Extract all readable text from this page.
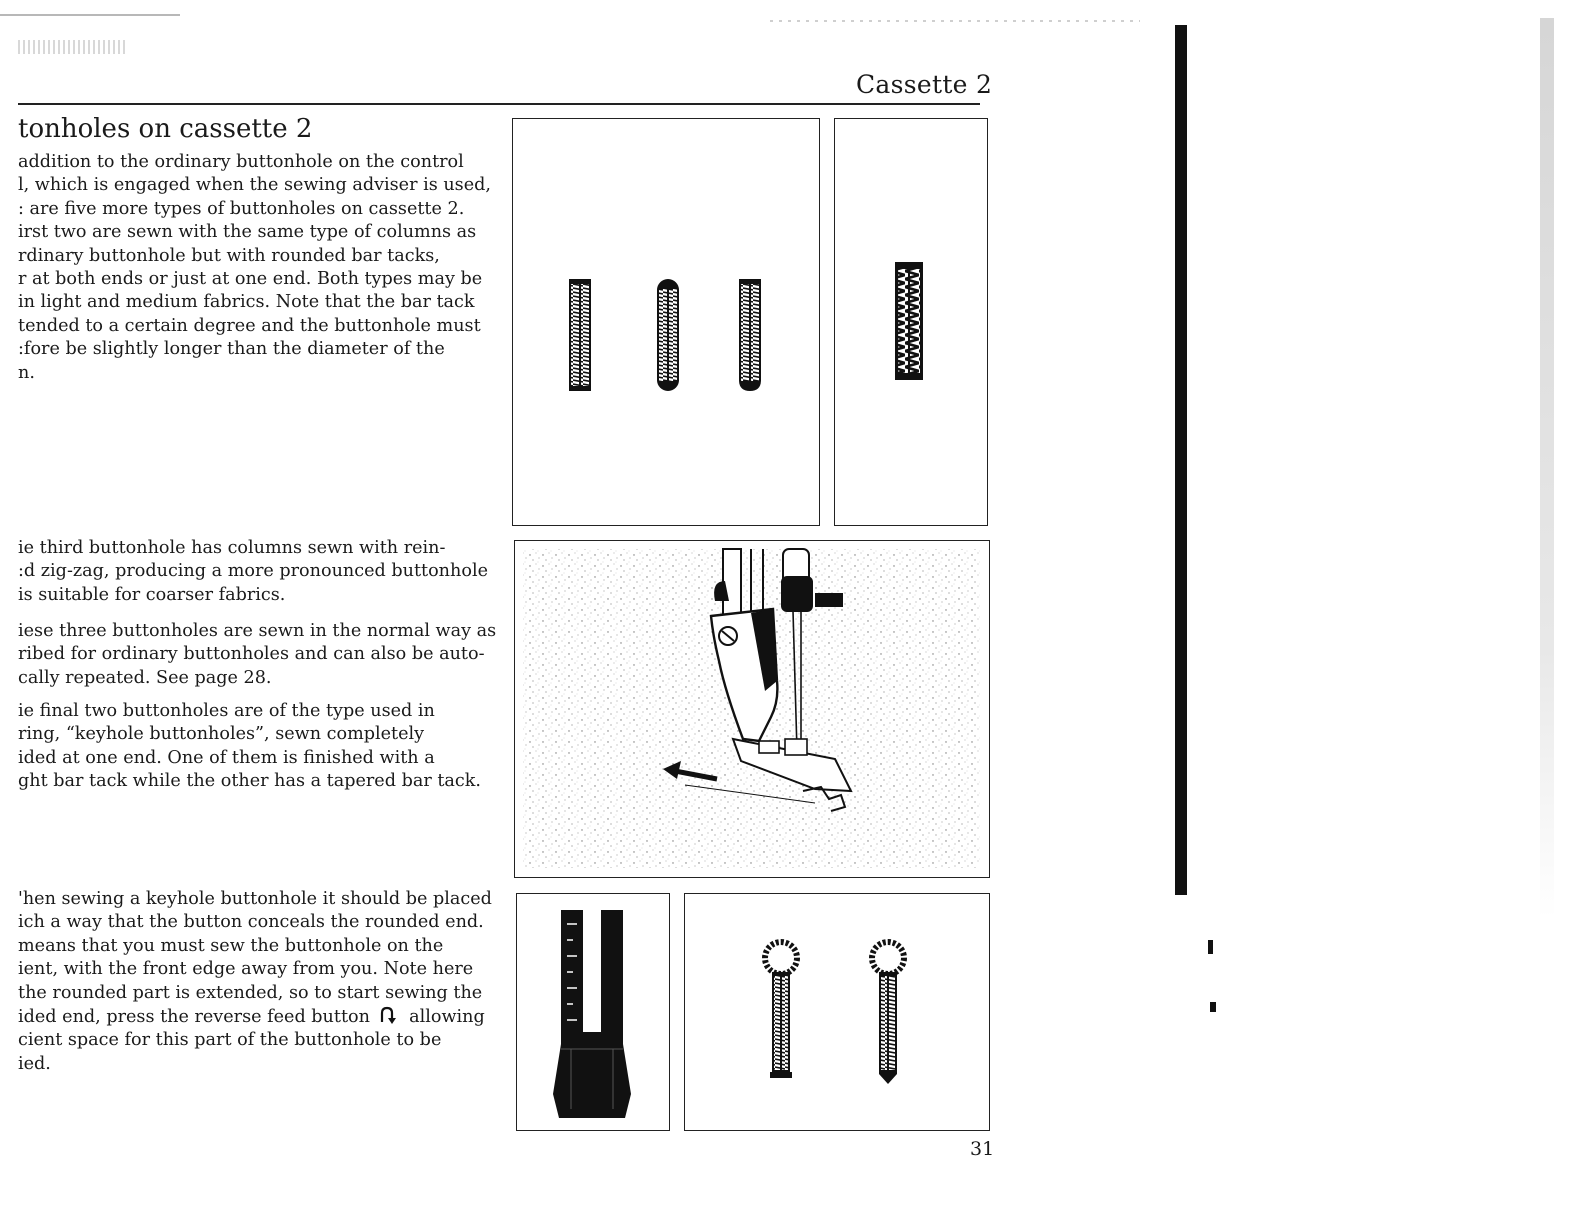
Cassette 2
tonholes on cassette 2

addition to the ordinary buttonhole on the control
l, which is engaged when the sewing adviser is used,
: are five more types of buttonholes on cassette 2.
irst two are sewn with the same type of columns as
rdinary buttonhole but with rounded bar tacks,
r at both ends or just at one end. Both types may be
in light and medium fabrics. Note that the bar tack
tended to a certain degree and the buttonhole must
:fore be slightly longer than the diameter of the
n.

ie third buttonhole has columns sewn with rein-
:d zig-zag, producing a more pronounced buttonhole
is suitable for coarser fabrics.

iese three buttonholes are sewn in the normal way as
ribed for ordinary buttonholes and can also be auto-
cally repeated. See page 28.

ie final two buttonholes are of the type used in
ring, “keyhole buttonholes”, sewn completely
ided at one end. One of them is finished with a
ght bar tack while the other has a tapered bar tack.

'hen sewing a keyhole buttonhole it should be placed
ich a way that the button conceals the rounded end.
means that you must sew the buttonhole on the
ient, with the front edge away from you. Note here
the rounded part is extended, so to start sewing the
ided end, press the reverse feed button  allowing
cient space for this part of the buttonhole to be
ied.

31
